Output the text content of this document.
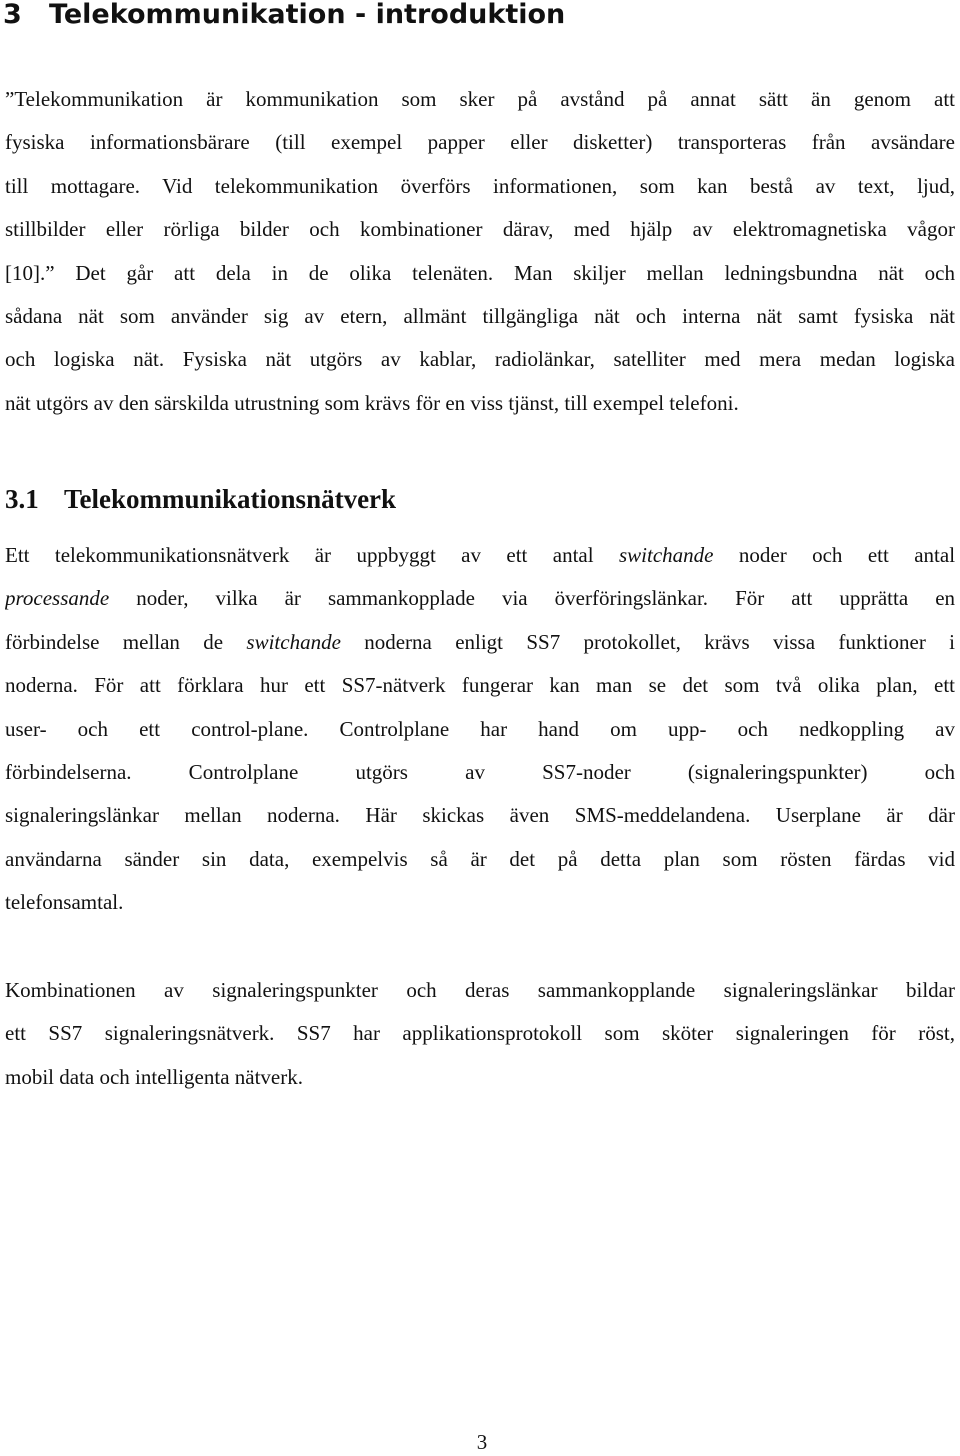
3 Telekommunikation - introduktion
”Telekommunikation är kommunikation som sker på avstånd på annat sätt än genom att
fysiska informationsbärare (till exempel papper eller disketter) transporteras från avsändare
till mottagare. Vid telekommunikation överförs informationen, som kan bestå av text, ljud,
stillbilder eller rörliga bilder och kombinationer därav, med hjälp av elektromagnetiska vågor
[10].” Det går att dela in de olika telenäten. Man skiljer mellan ledningsbundna nät och
sådana nät som använder sig av etern, allmänt tillgängliga nät och interna nät samt fysiska nät
och logiska nät. Fysiska nät utgörs av kablar, radiolänkar, satelliter med mera medan logiska
nät utgörs av den särskilda utrustning som krävs för en viss tjänst, till exempel telefoni.
3.1 Telekommunikationsnätverk
Ett telekommunikationsnätverk är uppbyggt av ett antal switchande noder och ett antal
processande noder, vilka är sammankopplade via överföringslänkar. För att upprätta en
förbindelse mellan de switchande noderna enligt SS7 protokollet, krävs vissa funktioner i
noderna. För att förklara hur ett SS7-nätverk fungerar kan man se det som två olika plan, ett
user- och ett control-plane. Controlplane har hand om upp- och nedkoppling av
förbindelserna. Controlplane utgörs av SS7-noder (signaleringspunkter) och
signaleringslänkar mellan noderna. Här skickas även SMS-meddelandena. Userplane är där
användarna sänder sin data, exempelvis så är det på detta plan som rösten färdas vid
telefonsamtal.
Kombinationen av signaleringspunkter och deras sammankopplande signaleringslänkar bildar
ett SS7 signaleringsnätverk. SS7 har applikationsprotokoll som sköter signaleringen för röst,
mobil data och intelligenta nätverk.
3
